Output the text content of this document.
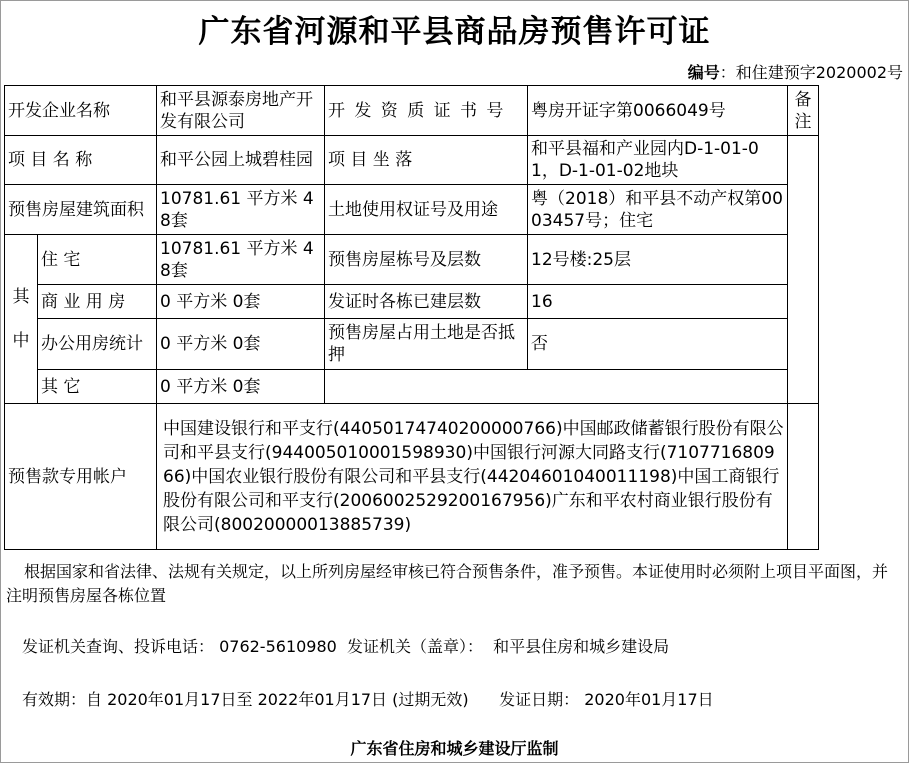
广东省河源和平县商品房预售许可证
编号：和住建预字2020002号
开发企业名称		和平县源泰房地产开发有限公司	开 发 资 质 证 书 号	粤房开证字第0066049号	备注
项 目 名 称		和平公园上城碧桂园	项 目 坐 落	和平县福和产业园内D-1-01-01，D-1-01-02地块	
预售房屋建筑面积		10781.61 平方米 48套	土地使用权证号及用途	粤（2018）和平县不动产权第0003457号；住宅	

其
中	住 宅	10781.61 平方米 48套	预售房屋栋号及层数	12号楼:25层	
	商 业 用 房	0 平方米 0套	发证时各栋已建层数	16	
	办公用房统计	0 平方米 0套	预售房屋占用土地是否抵押	否	
	其 它	0 平方米 0套			
预售款专用帐户		中国建设银行和平支行(44050174740200000766)中国邮政储蓄银行股份有限公司和平县支行(94400501000159893​0)中国银行河源大同路支行(710771680966)中国农业银行股份有限公司和平县支行(44204601040011198)中国工商银行股份有限公司和平支行(2006002529200167956)广东和平农村商业银行股份有限公司(80020000013885739)			
根据国家和省法律、法规有关规定，以上所列房屋经审核已符合预售条件，准予预售。本证使用时必须附上项目平面图，并注明预售房屋各栋位置
发证机关查询、投诉电话： 0762-5610980  发证机关（盖章）：  和平县住房和城乡建设局
有效期：自 2020年01月17日至 2022年01月17日 (过期无效)      发证日期： 2020年01月17日
广东省住房和城乡建设厅监制
